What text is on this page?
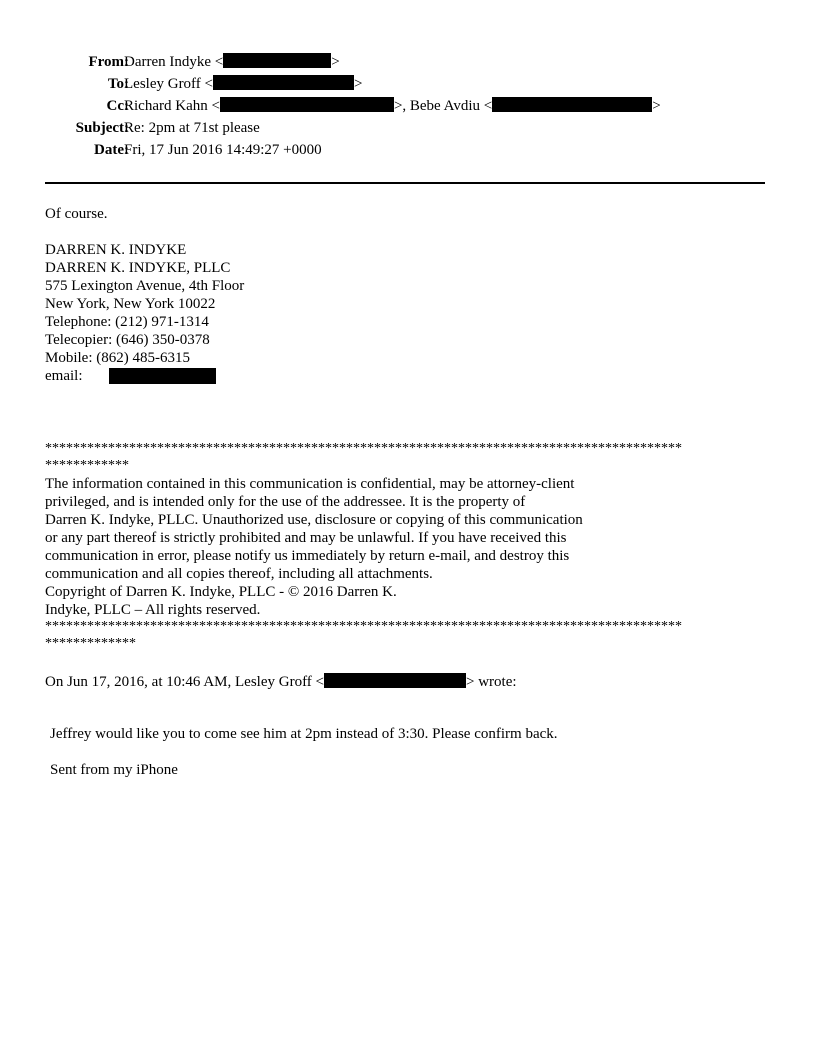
From:
Darren Indyke <	>
To:
Lesley Groff <	>
Cc:
Richard Kahn <	>, Bebe Avdiu <	>
Subject:
Re: 2pm at 71st please
Date:
Fri, 17 Jun 2016 14:49:27 +0000
Of course.
DARREN K. INDYKE
DARREN K. INDYKE, PLLC
575 Lexington Avenue, 4th Floor
New York, New York 10022
Telephone: (212) 971-1314
Telecopier: (646) 350-0378
Mobile: (862) 485-6315
email:
*******************************************************************************************
************
The information contained in this communication is confidential, may be attorney-client
privileged, and is intended only for the use of the addressee. It is the property of
Darren K. Indyke, PLLC. Unauthorized use, disclosure or copying of this communication
or any part thereof is strictly prohibited and may be unlawful. If you have received this
communication in error, please notify us immediately by return e-mail, and destroy this
communication and all copies thereof, including all attachments.
Copyright of Darren K. Indyke, PLLC - © 2016 Darren K.
Indyke, PLLC – All rights reserved.
*******************************************************************************************
*************
On Jun 17, 2016, at 10:46 AM, Lesley Groff <	> wrote:
Jeffrey would like you to come see him at 2pm instead of 3:30. Please confirm back.
Sent from my iPhone
